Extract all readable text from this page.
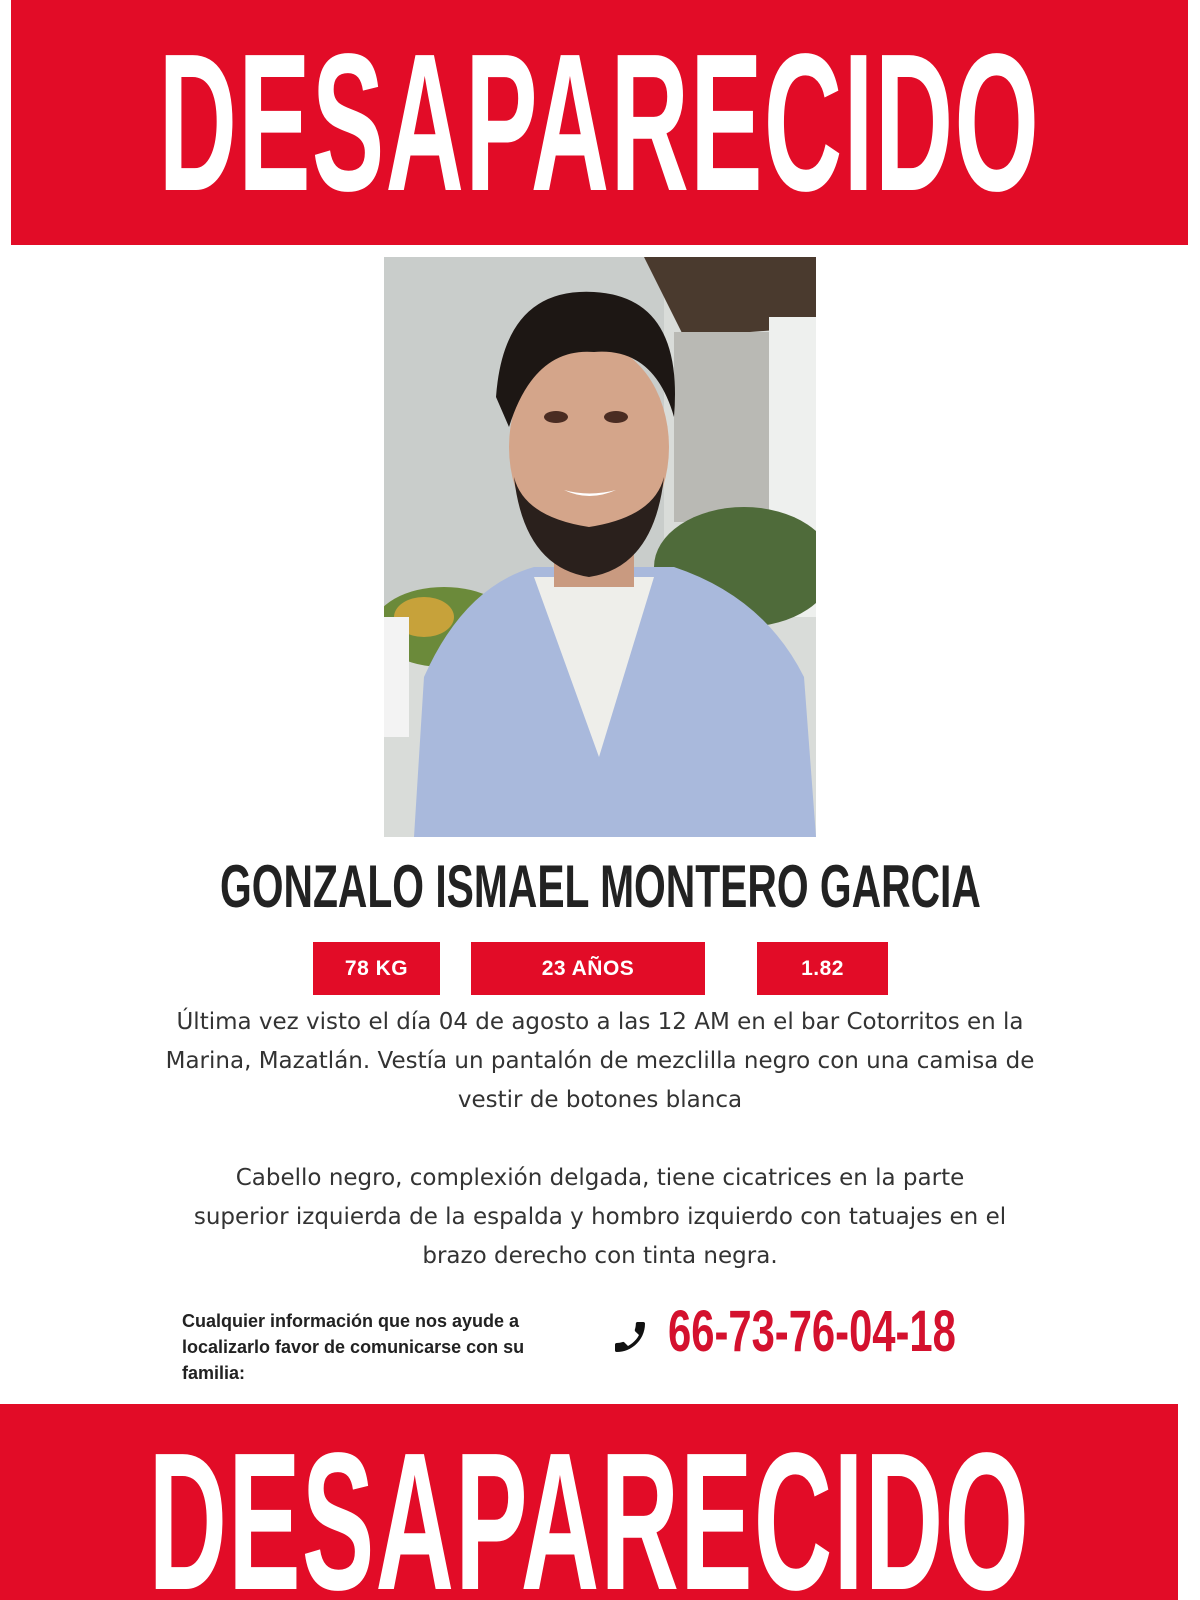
DESAPARECIDO
GONZALO ISMAEL MONTERO GARCIA
78 KG	23 AÑOS	1.82
Última vez visto el día 04 de agosto a las 12 AM en el bar Cotorritos en la Marina, Mazatlán. Vestía un pantalón de mezclilla negro con una camisa de vestir de botones blanca
Cabello negro, complexión delgada, tiene cicatrices en la parte superior izquierda de la espalda y hombro izquierdo con tatuajes en el brazo derecho con tinta negra.
Cualquier información que nos ayude a localizarlo favor de comunicarse con su familia:
66-73-76-04-18
DESAPARECIDO
